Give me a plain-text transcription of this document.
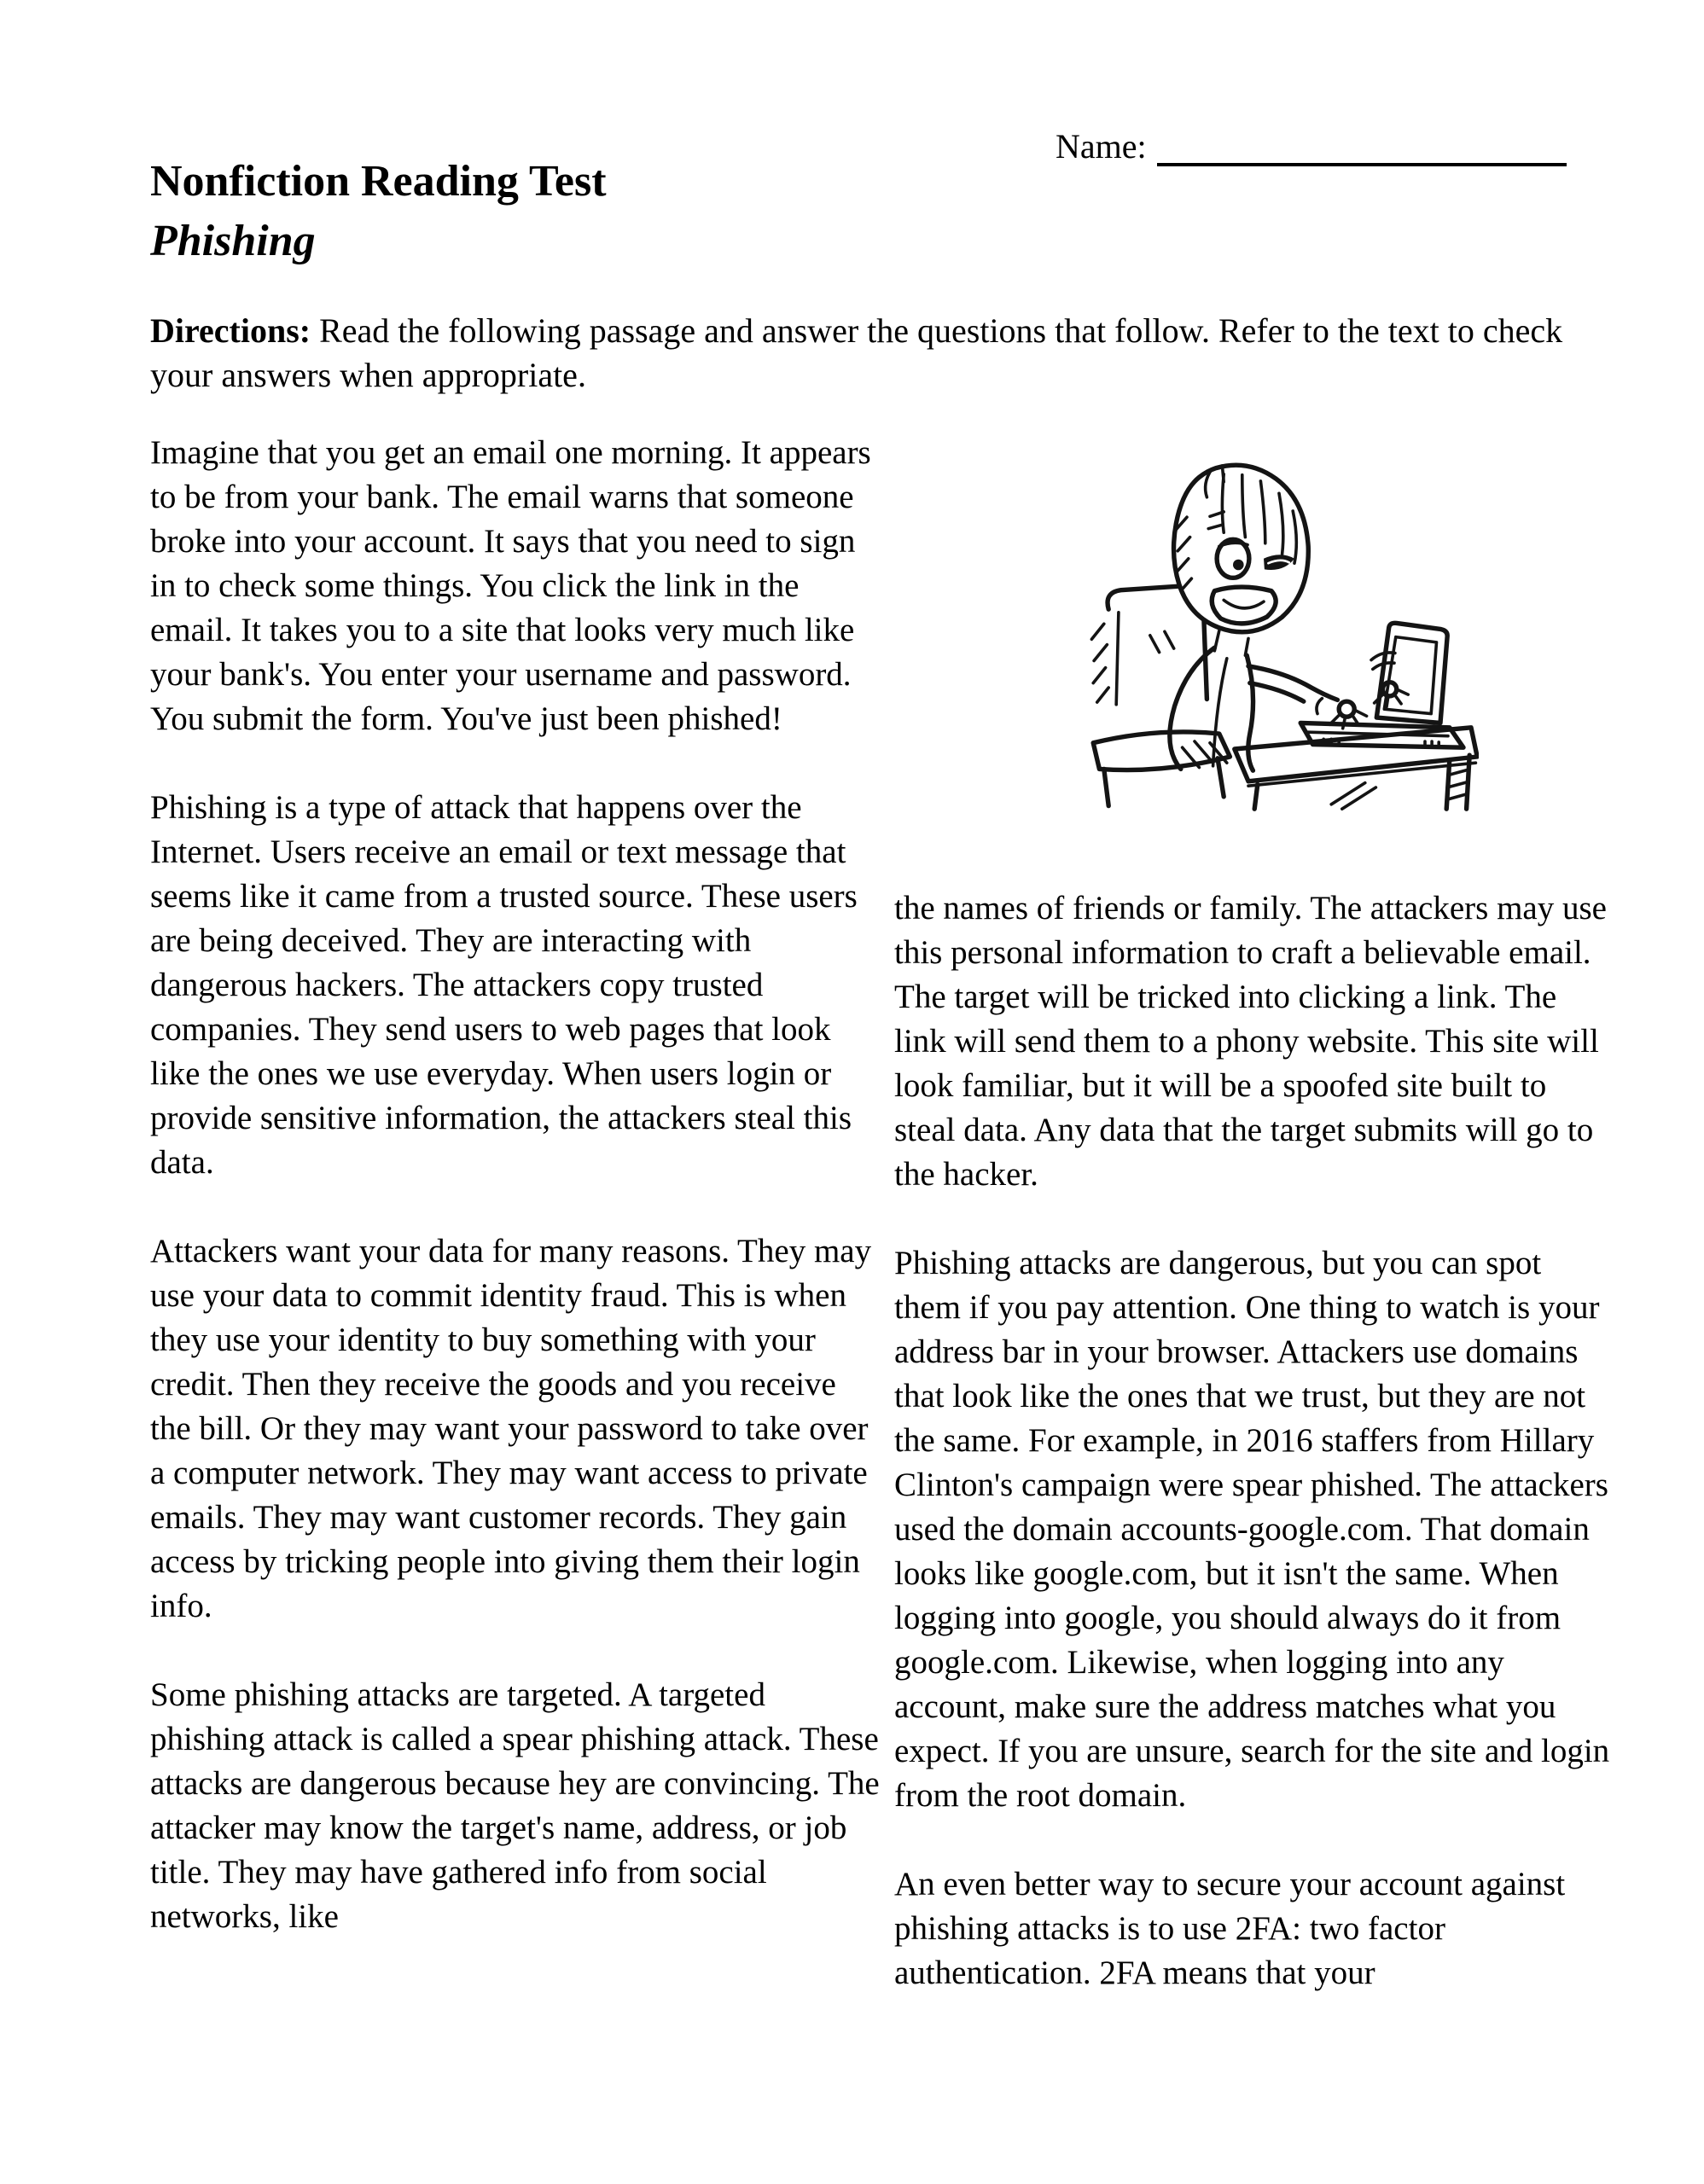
Name:
Nonfiction Reading Test
Phishing

Directions: Read the following passage and answer the questions that follow. Refer to the text to check your answers when appropriate.

Imagine that you get an email one morning. It appears to be from your bank. The email warns that someone broke into your account. It says that you need to sign in to check some things. You click the link in the email. It takes you to a site that looks very much like your bank's. You enter your username and password. You submit the form. You've just been phished!

Phishing is a type of attack that happens over the Internet. Users receive an email or text message that seems like it came from a trusted source. These users are being deceived. They are interacting with dangerous hackers. The attackers copy trusted companies. They send users to web pages that look like the ones we use everyday. When users login or provide sensitive information, the attackers steal this data.

Attackers want your data for many reasons. They may use your data to commit identity fraud. This is when they use your identity to buy something with your credit. Then they receive the goods and you receive the bill. Or they may want your password to take over a computer network. They may want access to private emails. They may want customer records. They gain access by tricking people into giving them their login info.

Some phishing attacks are targeted. A targeted phishing attack is called a spear phishing attack. These attacks are dangerous because hey are convincing. The attacker may know the target's name, address, or job title. They may have gathered info from social networks, like

the names of friends or family. The attackers may use this personal information to craft a believable email. The target will be tricked into clicking a link. The link will send them to a phony website. This site will look familiar, but it will be a spoofed site built to steal data. Any data that the target submits will go to the hacker.

Phishing attacks are dangerous, but you can spot them if you pay attention. One thing to watch is your address bar in your browser. Attackers use domains that look like the ones that we trust, but they are not the same. For example, in 2016 staffers from Hillary Clinton's campaign were spear phished. The attackers used the domain accounts-google.com. That domain looks like google.com, but it isn't the same. When logging into google, you should always do it from google.com. Likewise, when logging into any account, make sure the address matches what you expect. If you are unsure, search for the site and login from the root domain.

An even better way to secure your account against phishing attacks is to use 2FA: two factor authentication. 2FA means that your
